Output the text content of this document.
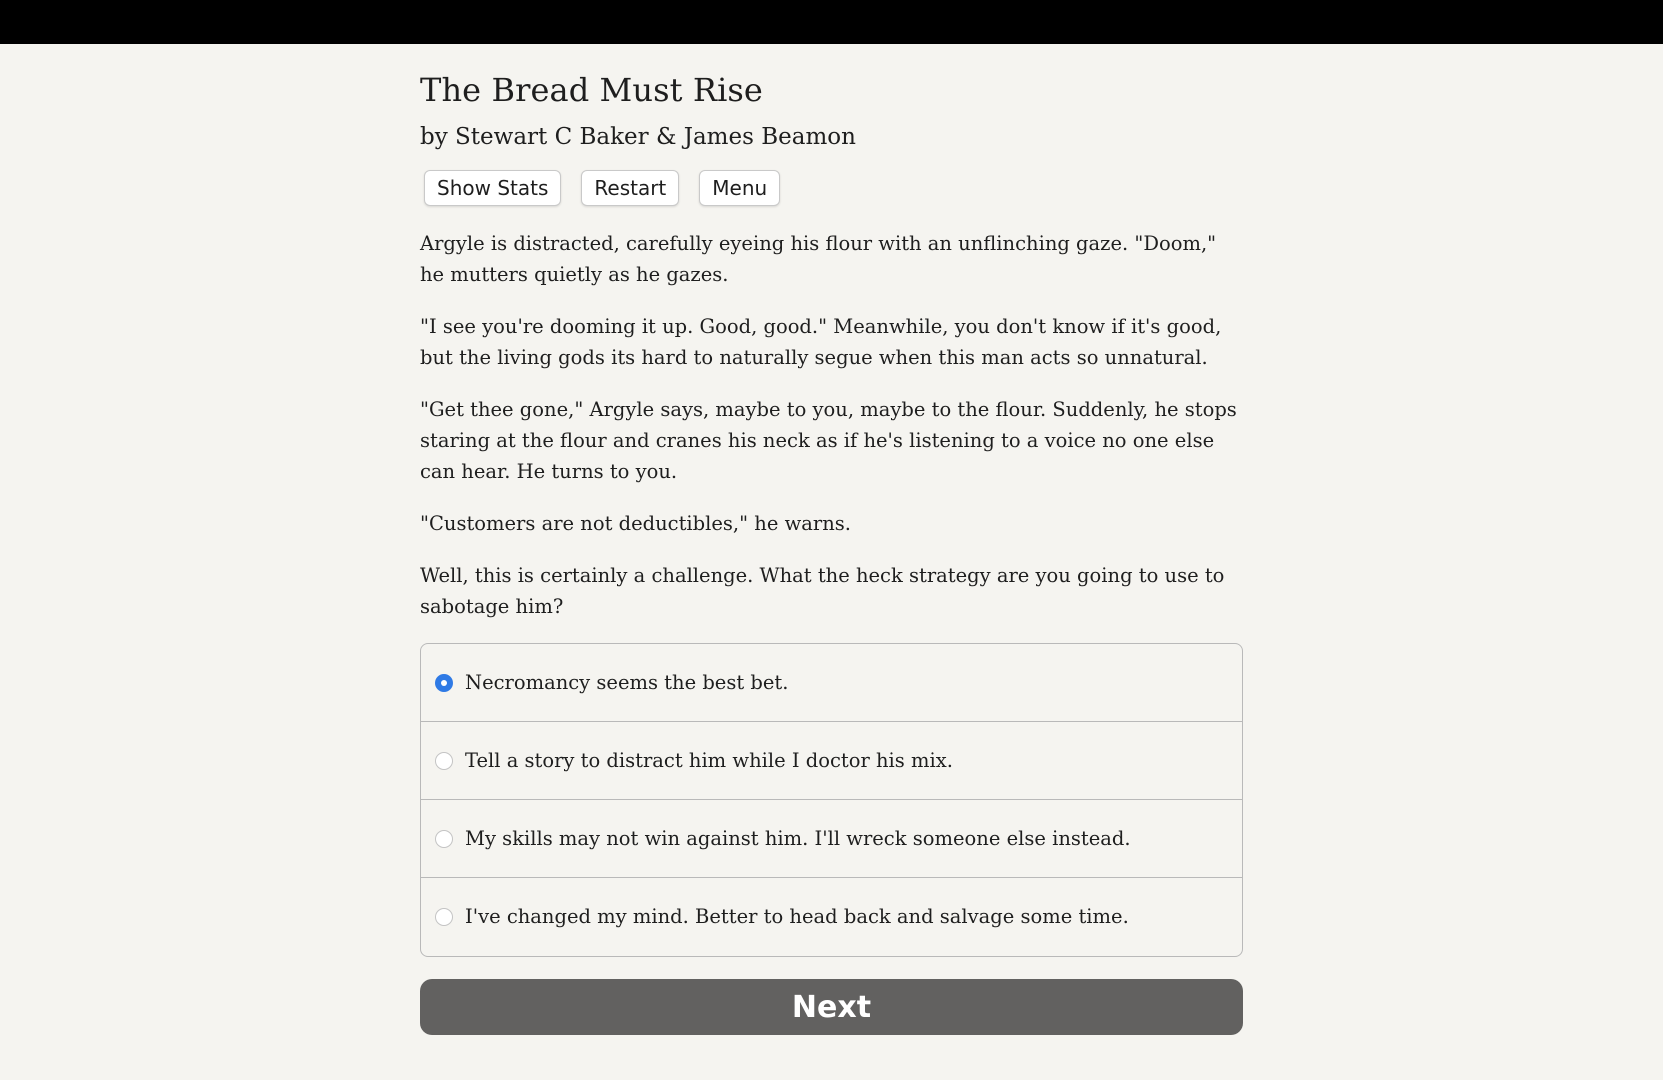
The Bread Must Rise
by Stewart C Baker & James Beamon
Show Stats	Restart	Menu

Argyle is distracted, carefully eyeing his flour with an unflinching gaze. "Doom," he mutters quietly as he gazes.

"I see you're dooming it up. Good, good." Meanwhile, you don't know if it's good, but the living gods its hard to naturally segue when this man acts so unnatural.

"Get thee gone," Argyle says, maybe to you, maybe to the flour. Suddenly, he stops staring at the flour and cranes his neck as if he's listening to a voice no one else can hear. He turns to you.

"Customers are not deductibles," he warns.

Well, this is certainly a challenge. What the heck strategy are you going to use to sabotage him?

Necromancy seems the best bet.
Tell a story to distract him while I doctor his mix.
My skills may not win against him. I'll wreck someone else instead.
I've changed my mind. Better to head back and salvage some time.
Next
